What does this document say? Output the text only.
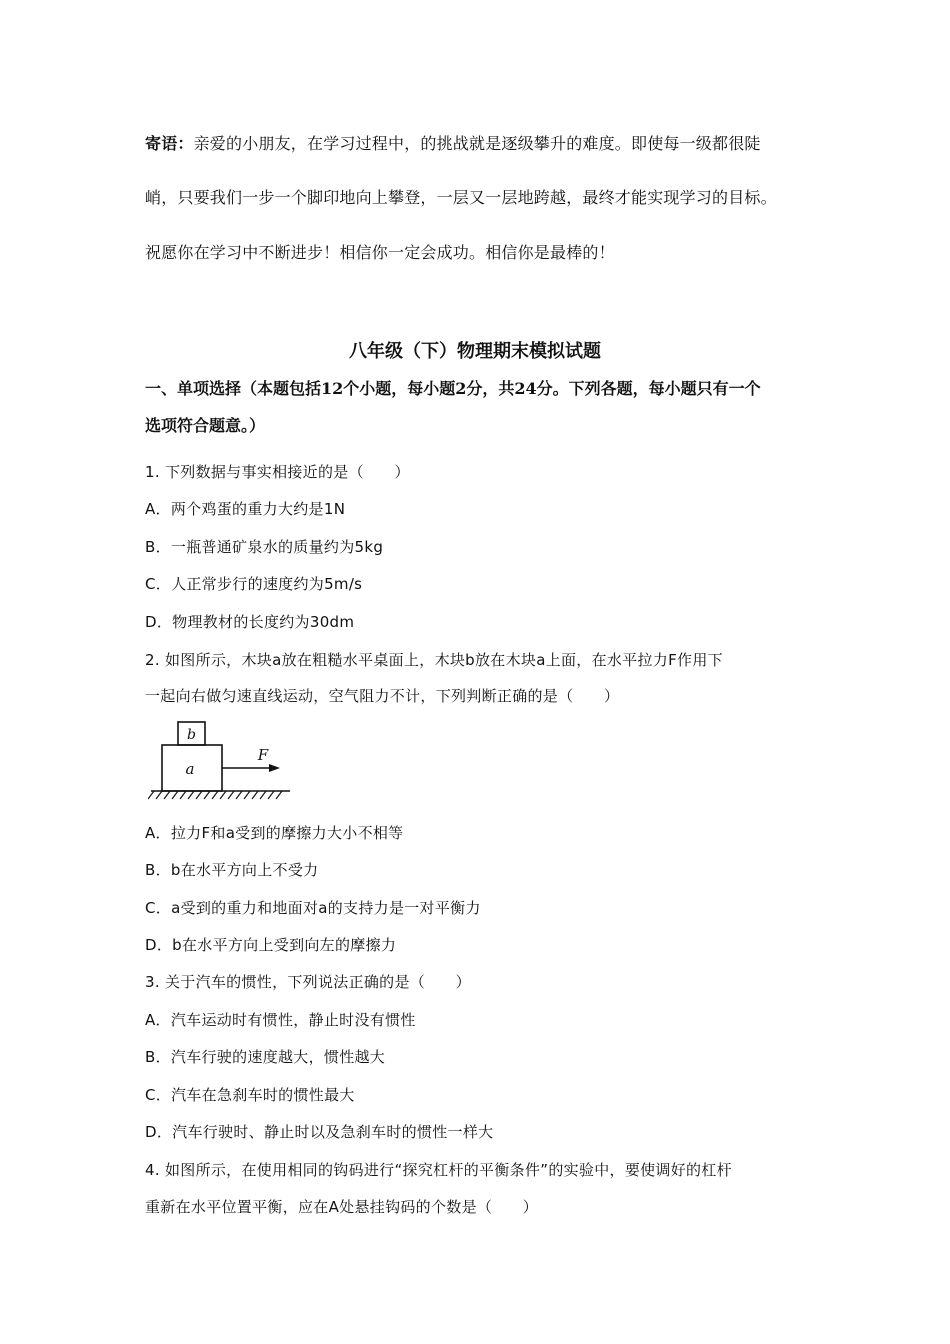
寄语：亲爱的小朋友，在学习过程中，的挑战就是逐级攀升的难度。即使每一级都很陡
峭，只要我们一步一个脚印地向上攀登，一层又一层地跨越，最终才能实现学习的目标。
祝愿你在学习中不断进步！相信你一定会成功。相信你是最棒的！
八年级（下）物理期末模拟试题
一、单项选择（本题包括12个小题，每小题2分，共24分。下列各题，每小题只有一个
选项符合题意。）
1. 下列数据与事实相接近的是（　　）
A．两个鸡蛋的重力大约是1N
B．一瓶普通矿泉水的质量约为5kg
C．人正常步行的速度约为5m/s
D．物理教材的长度约为30dm
2. 如图所示，木块a放在粗糙水平桌面上，木块b放在木块a上面，在水平拉力F作用下
一起向右做匀速直线运动，空气阻力不计，下列判断正确的是（　　）
b
a
F
A．拉力F和a受到的摩擦力大小不相等
B．b在水平方向上不受力
C．a受到的重力和地面对a的支持力是一对平衡力
D．b在水平方向上受到向左的摩擦力
3. 关于汽车的惯性，下列说法正确的是（　　）
A．汽车运动时有惯性，静止时没有惯性
B．汽车行驶的速度越大，惯性越大
C．汽车在急刹车时的惯性最大
D．汽车行驶时、静止时以及急刹车时的惯性一样大
4. 如图所示，在使用相同的钩码进行“探究杠杆的平衡条件”的实验中，要使调好的杠杆
重新在水平位置平衡，应在A处悬挂钩码的个数是（　　）
